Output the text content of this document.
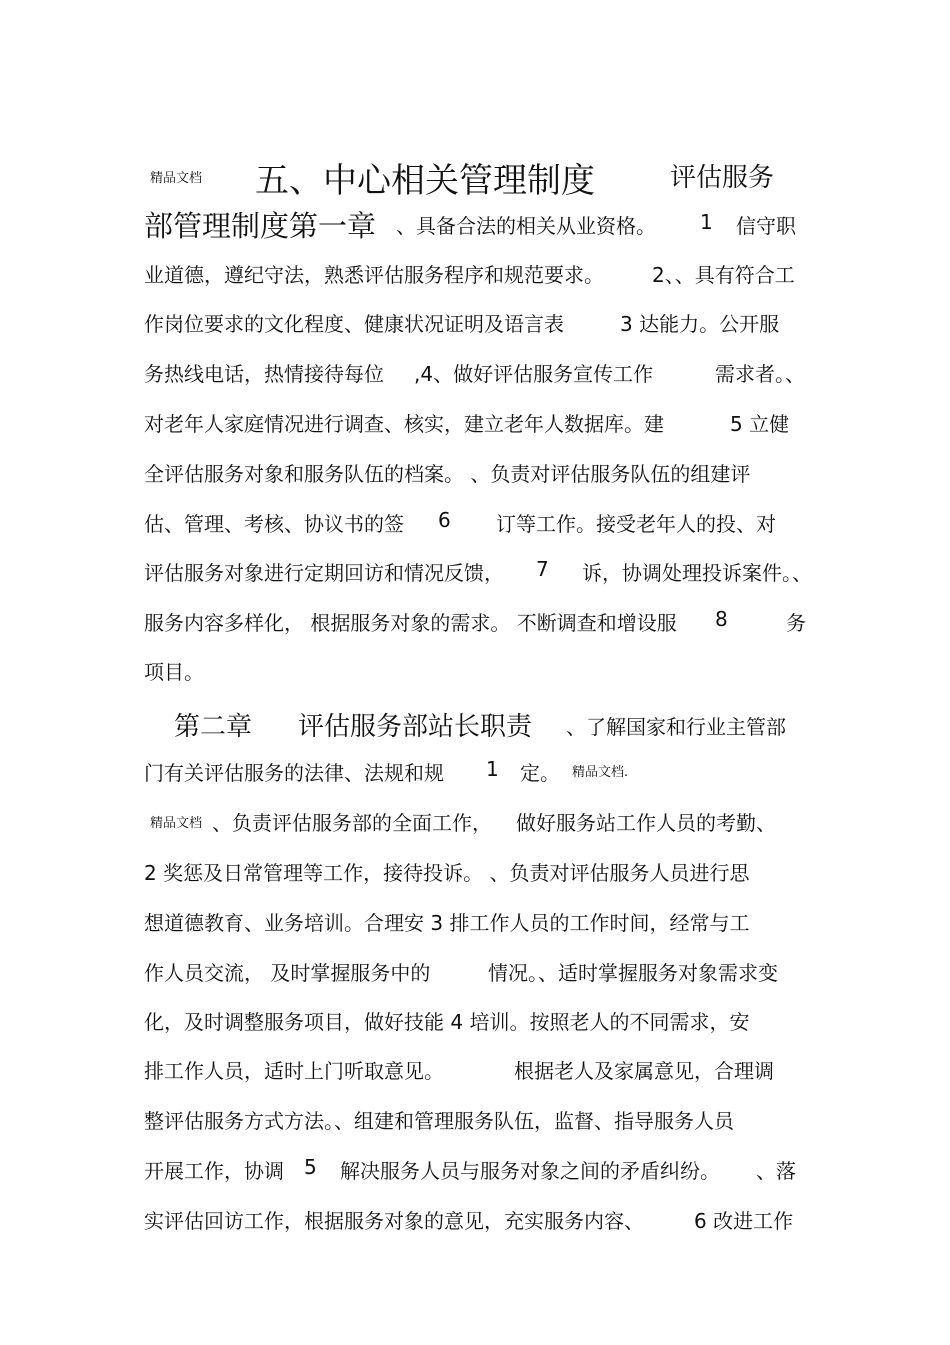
精品文档 五、中心相关管理制度	评估服务
部管理制度第一章 、具备合法的相关从业资格。 1 信守职
业道德，遵纪守法，熟悉评估服务程序和规范要求。 2、、具有符合工
作岗位要求的文化程度、健康状况证明及语言表	3 达能力。公开服
务热线电话，热情接待每位 ,4、做好评估服务宣传工作	需求者。、
对老年人家庭情况进行调查、核实，建立老年人数据库。建	5 立健
全评估服务对象和服务队伍的档案。 、负责对评估服务队伍的组建评
估、管理、考核、协议书的签 6 订等工作。接受老年人的投、对
评估服务对象进行定期回访和情况反馈， 7 诉，协调处理投诉案件。、
服务内容多样化， 根据服务对象的需求。 不断调查和增设服 8	务
项目。
第二章 评估服务部站长职责 、了解国家和行业主管部
门有关评估服务的法律、法规和规 1 定。 精品文档.
精品文档 、负责评估服务部的全面工作， 做好服务站工作人员的考勤、
2 奖惩及日常管理等工作，接待投诉。 、负责对评估服务人员进行思
想道德教育、业务培训。合理安 3 排工作人员的工作时间，经常与工
作人员交流， 及时掌握服务中的	情况。、适时掌握服务对象需求变
化，及时调整服务项目，做好技能 4 培训。按照老人的不同需求，安
排工作人员，适时上门听取意见。	根据老人及家属意见，合理调
整评估服务方式方法。、组建和管理服务队伍，监督、指导服务人员
开展工作，协调 5 解决服务人员与服务对象之间的矛盾纠纷。 、落
实评估回访工作，根据服务对象的意见，充实服务内容、	6 改进工作
